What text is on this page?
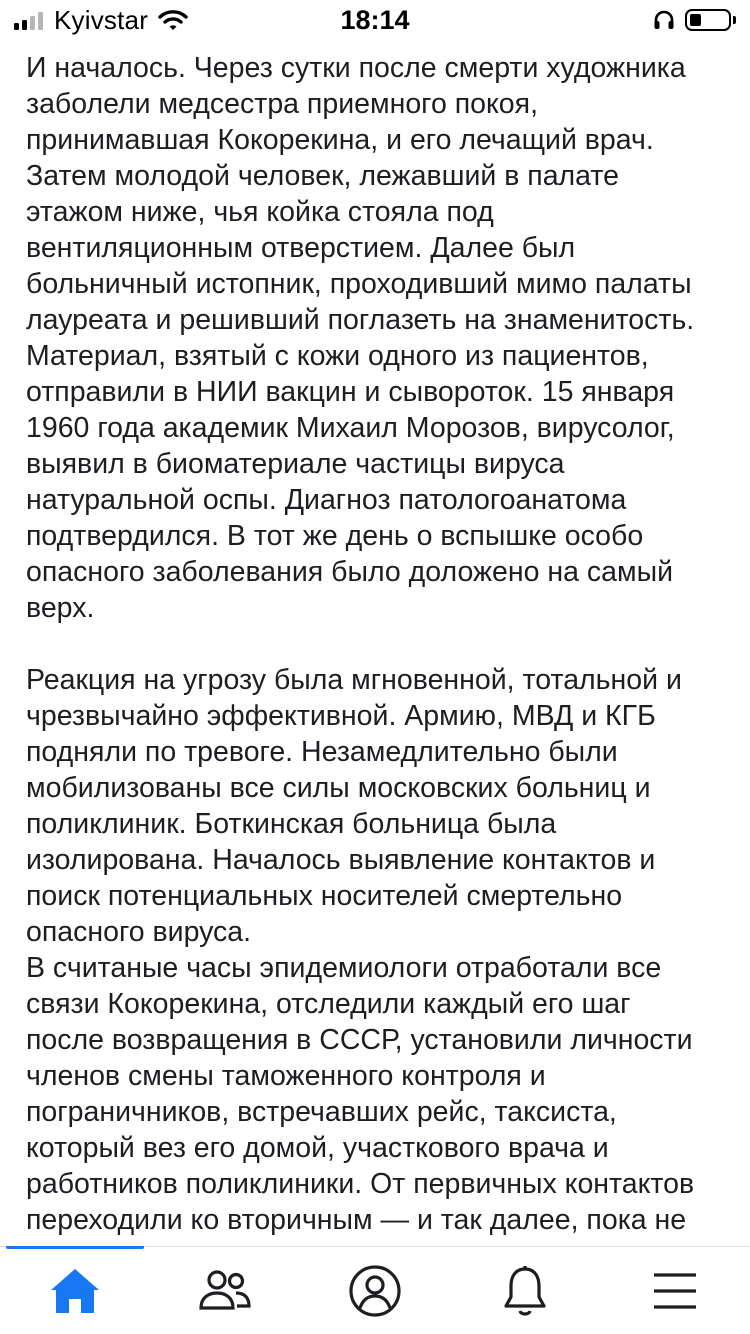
Kyivstar	18:14

И началось. Через сутки после смерти художника
заболели медсестра приемного покоя,
принимавшая Кокорекина, и его лечащий врач.
Затем молодой человек, лежавший в палате
этажом ниже, чья койка стояла под
вентиляционным отверстием. Далее был
больничный истопник, проходивший мимо палаты
лауреата и решивший поглазеть на знаменитость.
Материал, взятый с кожи одного из пациентов,
отправили в НИИ вакцин и сывороток. 15 января
1960 года академик Михаил Морозов, вирусолог,
выявил в биоматериале частицы вируса
натуральной оспы. Диагноз патологоанатома
подтвердился. В тот же день о вспышке особо
опасного заболевания было доложено на самый
верх.

Реакция на угрозу была мгновенной, тотальной и
чрезвычайно эффективной. Армию, МВД и КГБ
подняли по тревоге. Незамедлительно были
мобилизованы все силы московских больниц и
поликлиник. Боткинская больница была
изолирована. Началось выявление контактов и
поиск потенциальных носителей смертельно
опасного вируса.

В считаные часы эпидемиологи отработали все
связи Кокорекина, отследили каждый его шаг
после возвращения в СССР, установили личности
членов смены таможенного контроля и
пограничников, встречавших рейс, таксиста,
который вез его домой, участкового врача и
работников поликлиники. От первичных контактов
переходили ко вторичным — и так далее, пока не
